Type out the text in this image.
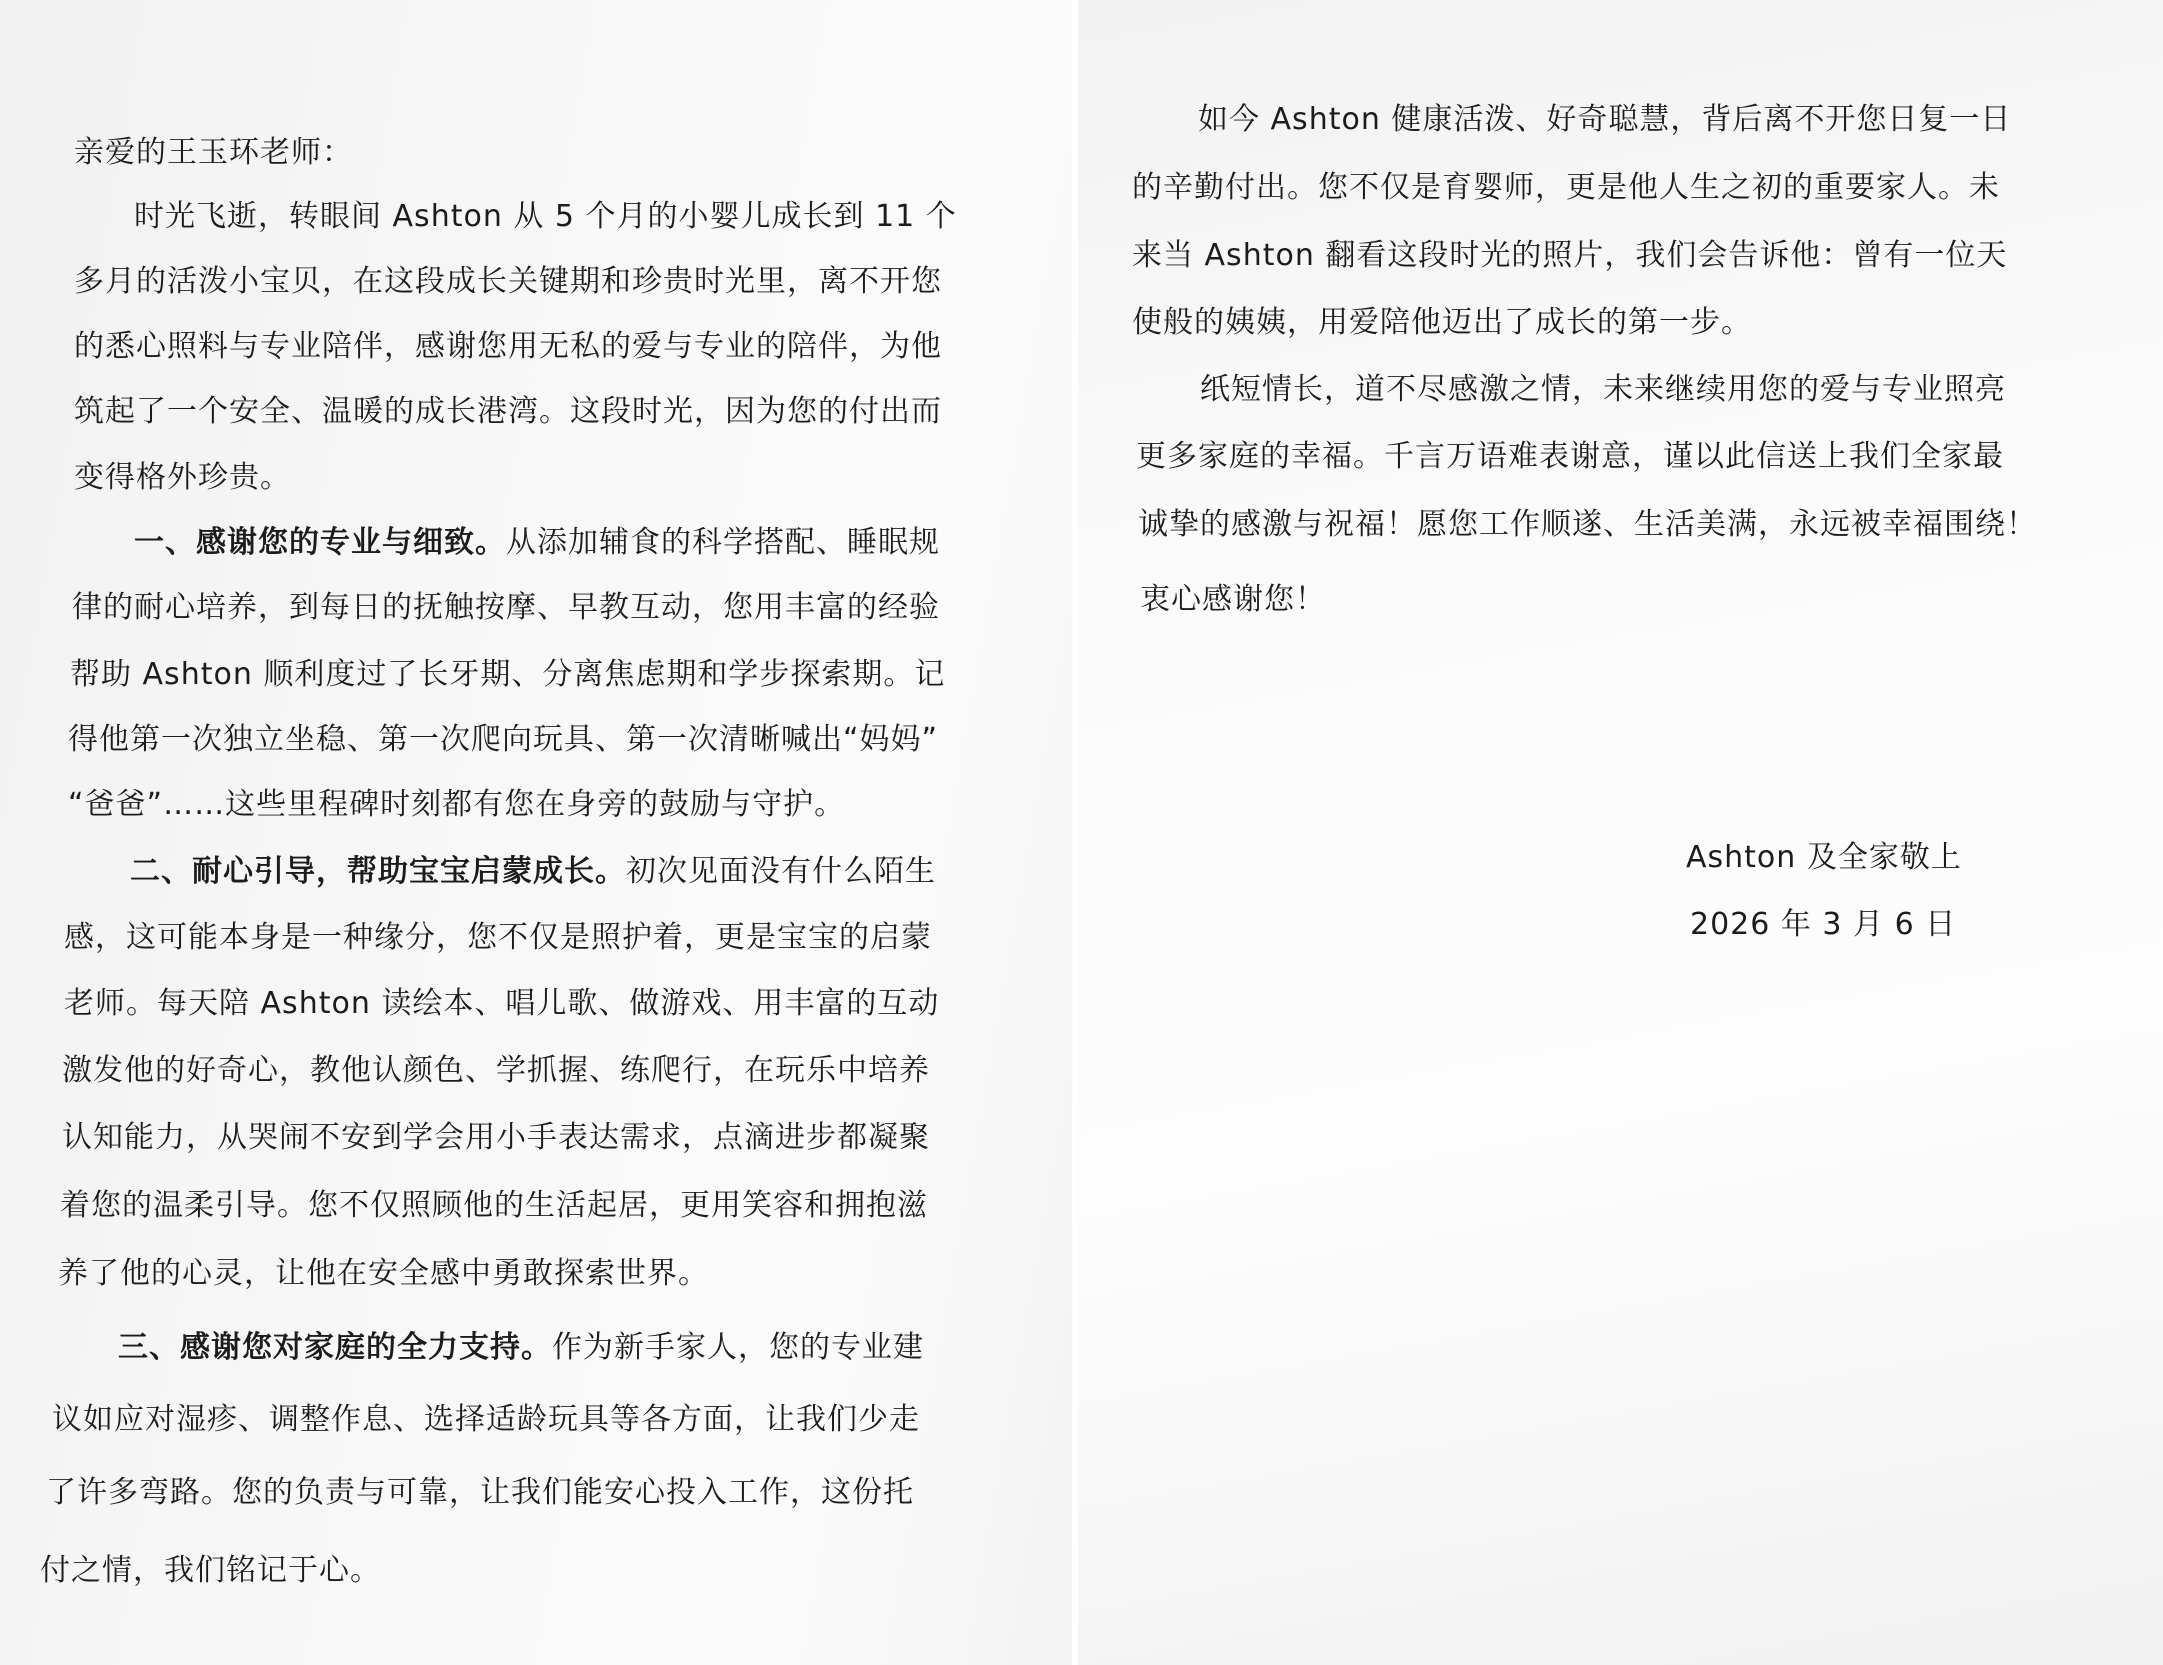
亲爱的王玉环老师：
时光飞逝，转眼间 Ashton 从 5 个月的小婴儿成长到 11 个
多月的活泼小宝贝，在这段成长关键期和珍贵时光里，离不开您
的悉心照料与专业陪伴，感谢您用无私的爱与专业的陪伴，为他
筑起了一个安全、温暖的成长港湾。这段时光，因为您的付出而
变得格外珍贵。
一、感谢您的专业与细致。从添加辅食的科学搭配、睡眠规
律的耐心培养，到每日的抚触按摩、早教互动，您用丰富的经验
帮助 Ashton 顺利度过了长牙期、分离焦虑期和学步探索期。记
得他第一次独立坐稳、第一次爬向玩具、第一次清晰喊出“妈妈”
“爸爸”……这些里程碑时刻都有您在身旁的鼓励与守护。
二、耐心引导，帮助宝宝启蒙成长。初次见面没有什么陌生
感，这可能本身是一种缘分，您不仅是照护着，更是宝宝的启蒙
老师。每天陪 Ashton 读绘本、唱儿歌、做游戏、用丰富的互动
激发他的好奇心，教他认颜色、学抓握、练爬行，在玩乐中培养
认知能力，从哭闹不安到学会用小手表达需求，点滴进步都凝聚
着您的温柔引导。您不仅照顾他的生活起居，更用笑容和拥抱滋
养了他的心灵，让他在安全感中勇敢探索世界。
三、感谢您对家庭的全力支持。作为新手家人，您的专业建
议如应对湿疹、调整作息、选择适龄玩具等各方面，让我们少走
了许多弯路。您的负责与可靠，让我们能安心投入工作，这份托
付之情，我们铭记于心。
如今 Ashton 健康活泼、好奇聪慧，背后离不开您日复一日
的辛勤付出。您不仅是育婴师，更是他人生之初的重要家人。未
来当 Ashton 翻看这段时光的照片，我们会告诉他：曾有一位天
使般的姨姨，用爱陪他迈出了成长的第一步。
纸短情长，道不尽感激之情，未来继续用您的爱与专业照亮
更多家庭的幸福。千言万语难表谢意，谨以此信送上我们全家最
诚挚的感激与祝福！愿您工作顺遂、生活美满，永远被幸福围绕！
衷心感谢您！
Ashton 及全家敬上
2026 年 3 月 6 日
